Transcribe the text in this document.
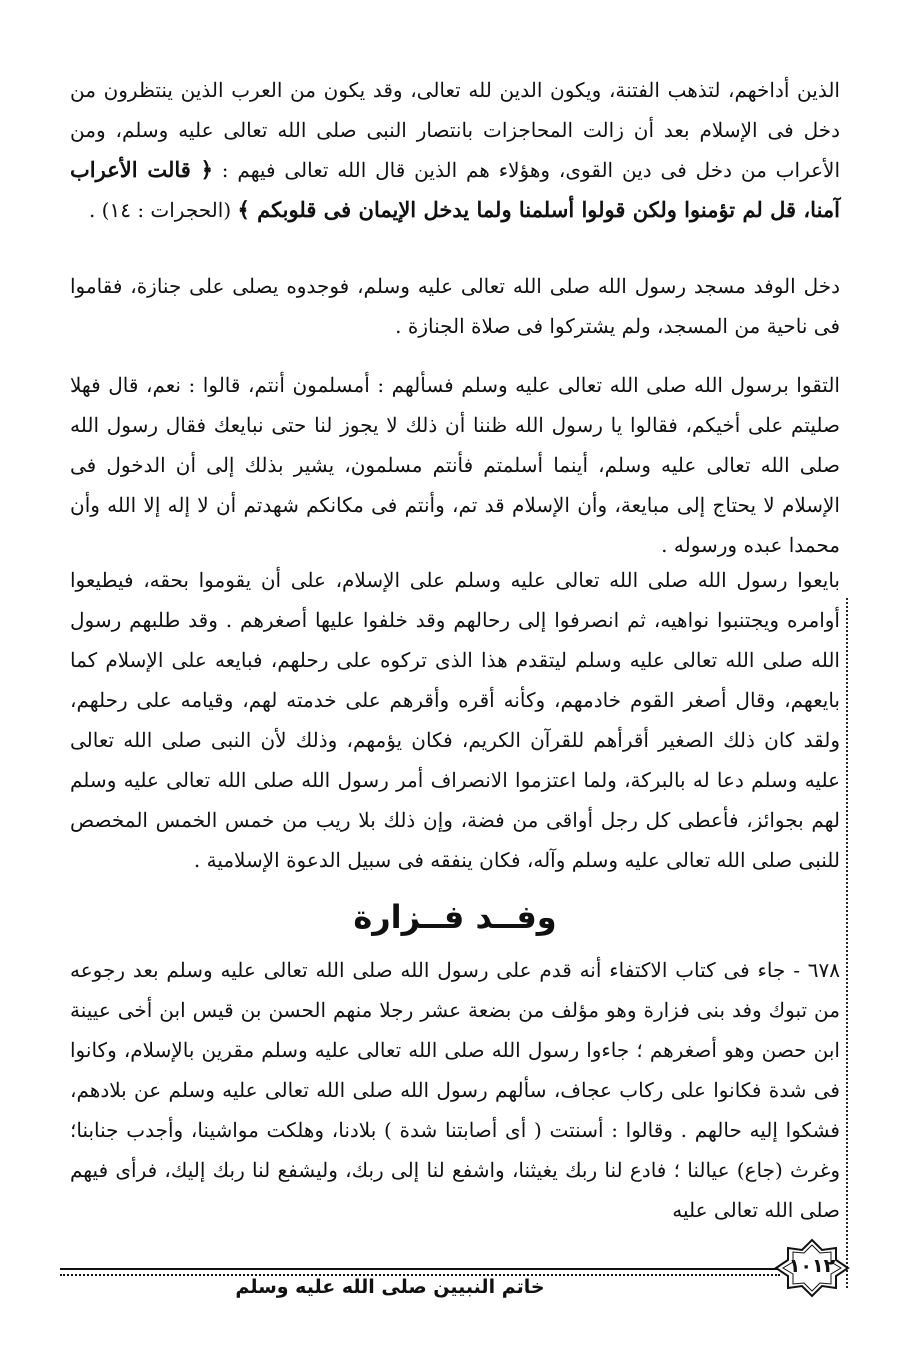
الذين أداخهم، لتذهب الفتنة، ويكون الدين لله تعالى، وقد يكون من العرب الذين ينتظرون من دخل فى الإسلام بعد أن زالت المحاجزات بانتصار النبى صلى الله تعالى عليه وسلم، ومن الأعراب من دخل فى دين القوى، وهؤلاء هم الذين قال الله تعالى فيهم : ﴿ قالت الأعراب آمنا، قل لم تؤمنوا ولكن قولوا أسلمنا ولما يدخل الإيمان فى قلوبكم ﴾ (الحجرات : ١٤) .

دخل الوفد مسجد رسول الله صلى الله تعالى عليه وسلم، فوجدوه يصلى على جنازة، فقاموا فى ناحية من المسجد، ولم يشتركوا فى صلاة الجنازة .

التقوا برسول الله صلى الله تعالى عليه وسلم فسألهم : أمسلمون أنتم، قالوا : نعم، قال فهلا صليتم على أخيكم، فقالوا يا رسول الله ظننا أن ذلك لا يجوز لنا حتى نبايعك فقال رسول الله صلى الله تعالى عليه وسلم، أينما أسلمتم فأنتم مسلمون، يشير بذلك إلى أن الدخول فى الإسلام لا يحتاج إلى مبايعة، وأن الإسلام قد تم، وأنتم فى مكانكم شهدتم أن لا إله إلا الله وأن محمدا عبده ورسوله .

بايعوا رسول الله صلى الله تعالى عليه وسلم على الإسلام، على أن يقوموا بحقه، فيطيعوا أوامره ويجتنبوا نواهيه، ثم انصرفوا إلى رحالهم وقد خلفوا عليها أصغرهم . وقد طلبهم رسول الله صلى الله تعالى عليه وسلم ليتقدم هذا الذى تركوه على رحلهم، فبايعه على الإسلام كما بايعهم، وقال أصغر القوم خادمهم، وكأنه أقره وأقرهم على خدمته لهم، وقيامه على رحلهم، ولقد كان ذلك الصغير أقرأهم للقرآن الكريم، فكان يؤمهم، وذلك لأن النبى صلى الله تعالى عليه وسلم دعا له بالبركة، ولما اعتزموا الانصراف أمر رسول الله صلى الله تعالى عليه وسلم لهم بجوائز، فأعطى كل رجل أواقى من فضة، وإن ذلك بلا ريب من خمس الخمس المخصص للنبى صلى الله تعالى عليه وسلم وآله، فكان ينفقه فى سبيل الدعوة الإسلامية .

وفــد فــزارة

٦٧٨ - جاء فى كتاب الاكتفاء أنه قدم على رسول الله صلى الله تعالى عليه وسلم بعد رجوعه من تبوك وفد بنى فزارة وهو مؤلف من بضعة عشر رجلا منهم الحسن بن قيس ابن أخى عيينة ابن حصن وهو أصغرهم ؛ جاءوا رسول الله صلى الله تعالى عليه وسلم مقرين بالإسلام، وكانوا فى شدة فكانوا على ركاب عجاف، سألهم رسول الله صلى الله تعالى عليه وسلم عن بلادهم، فشكوا إليه حالهم . وقالوا : أسنتت ( أى أصابتنا شدة ) بلادنا، وهلكت مواشينا، وأجدب جنابنا؛ وغرث (جاع) عيالنا ؛ فادع لنا ربك يغيثنا، واشفع لنا إلى ربك، وليشفع لنا ربك إليك، فرأى فيهم صلى الله تعالى عليه

خاتم النبيين صلى الله عليه وسلم
١٠١٢
